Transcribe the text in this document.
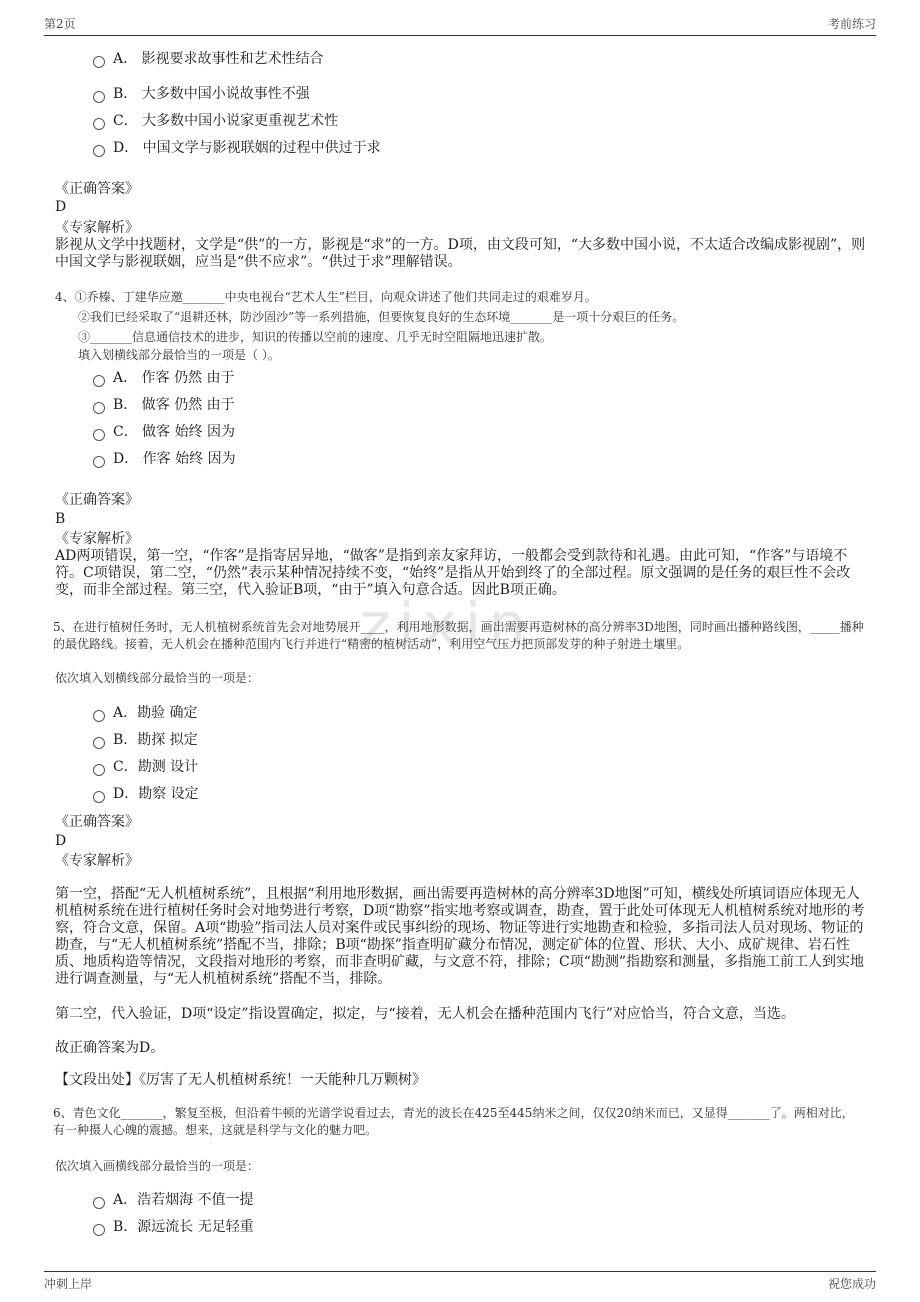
第2页	考前练习
zixin
A． 影视要求故事性和艺术性结合
B． 大多数中国小说故事性不强
C． 大多数中国小说家更重视艺术性
D． 中国文学与影视联姻的过程中供过于求
《正确答案》
D
《专家解析》
影视从文学中找题材，文学是“供”的一方，影视是“求”的一方。D项，由文段可知，“大多数中国小说，不太适合改编成影视剧”，则中国文学与影视联姻，应当是“供不应求”。“供过于求”理解错误。
4、①乔榛、丁建华应邀_______中央电视台“艺术人生”栏目，向观众讲述了他们共同走过的艰难岁月。
②我们已经采取了“退耕还林，防沙固沙”等一系列措施，但要恢复良好的生态环境_______是一项十分艰巨的任务。
③_______信息通信技术的进步，知识的传播以空前的速度、几乎无时空阻隔地迅速扩散。
填入划横线部分最恰当的一项是（ ）。
A． 作客 仍然 由于
B． 做客 仍然 由于
C． 做客 始终 因为
D． 作客 始终 因为
《正确答案》
B
《专家解析》
AD两项错误，第一空，“作客”是指寄居异地，“做客”是指到亲友家拜访，一般都会受到款待和礼遇。由此可知，“作客”与语境不符。C项错误，第二空，“仍然”表示某种情况持续不变，“始终”是指从开始到终了的全部过程。原文强调的是任务的艰巨性不会改变，而非全部过程。第三空，代入验证B项，“由于”填入句意合适。因此B项正确。
5、在进行植树任务时，无人机植树系统首先会对地势展开____，利用地形数据，画出需要再造树林的高分辨率3D地图，同时画出播种路线图，_____播种的最优路线。接着，无人机会在播种范围内飞行并进行“精密的植树活动”，利用空气压力把顶部发芽的种子射进土壤里。
依次填入划横线部分最恰当的一项是：
A．勘验 确定
B．勘探 拟定
C．勘测 设计
D．勘察 设定
《正确答案》
D
《专家解析》
第一空，搭配“无人机植树系统”，且根据“利用地形数据，画出需要再造树林的高分辨率3D地图”可知，横线处所填词语应体现无人机植树系统在进行植树任务时会对地势进行考察，D项“勘察”指实地考察或调查，勘查，置于此处可体现无人机植树系统对地形的考察，符合文意，保留。A项“勘验”指司法人员对案件或民事纠纷的现场、物证等进行实地勘查和检验，多指司法人员对现场、物证的勘查，与“无人机植树系统”搭配不当，排除；B项“勘探”指查明矿藏分布情况，测定矿体的位置、形状、大小、成矿规律、岩石性质、地质构造等情况，文段指对地形的考察，而非查明矿藏，与文意不符，排除；C项“勘测”指勘察和测量，多指施工前工人到实地进行调查测量，与“无人机植树系统”搭配不当，排除。
第二空，代入验证，D项“设定”指设置确定，拟定，与“接着，无人机会在播种范围内飞行”对应恰当，符合文意，当选。
故正确答案为D。
【文段出处】《厉害了无人机植树系统！一天能种几万颗树》
6、青色文化_______，繁复至极，但沿着牛顿的光谱学说看过去，青光的波长在425至445纳米之间，仅仅20纳米而已，又显得_______了。两相对比，有一种摄人心魄的震撼。想来，这就是科学与文化的魅力吧。
依次填入画横线部分最恰当的一项是：
A．浩若烟海 不值一提
B．源远流长 无足轻重
冲刺上岸	祝您成功
